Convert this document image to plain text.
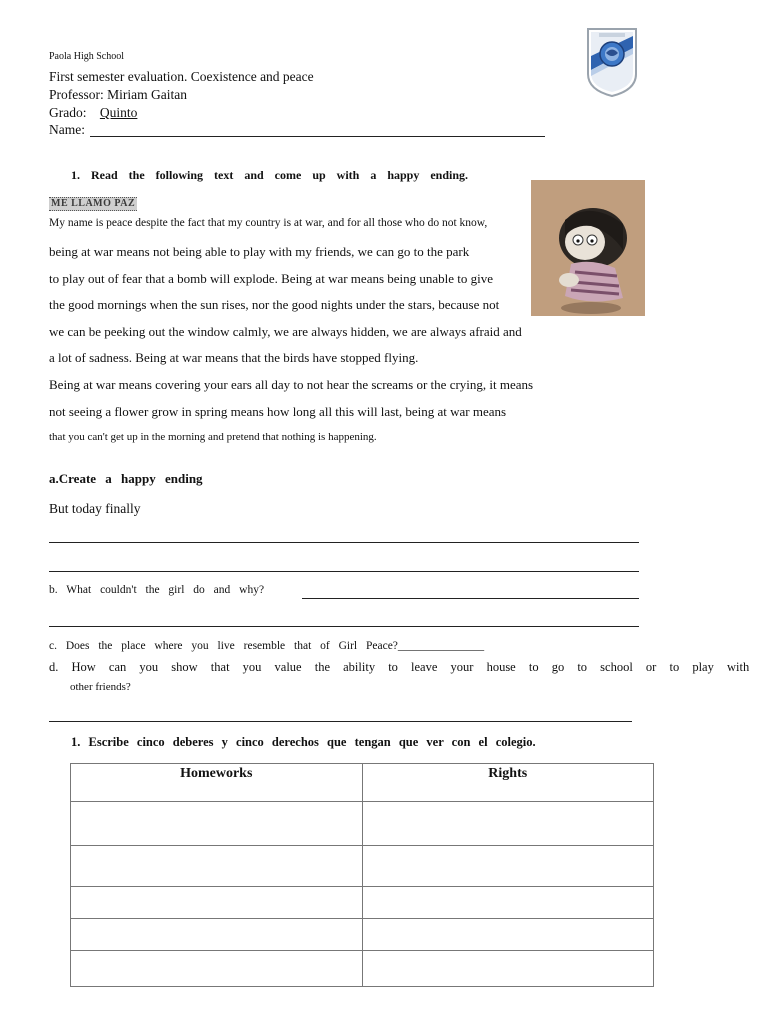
Paola High School
First semester evaluation. Coexistence and peace
Professor: Miriam Gaitan
Grado: Quinto
Name:
1. Read the following text and come up with a happy ending.
ME LLAMO PAZ
My name is peace despite the fact that my country is at war, and for all those who do not know,
being at war means not being able to play with my friends, we can go to the park
to play out of fear that a bomb will explode. Being at war means being unable to give
the good mornings when the sun rises, nor the good nights under the stars, because not
we can be peeking out the window calmly, we are always hidden, we are always afraid and
a lot of sadness. Being at war means that the birds have stopped flying.
Being at war means covering your ears all day to not hear the screams or the crying, it means
not seeing a flower grow in spring means how long all this will last, being at war means
that you can't get up in the morning and pretend that nothing is happening.
a.Create a happy ending
But today finally
b. What couldn't the girl do and why?
c. Does the place where you live resemble that of Girl Peace?_______________
d. How can you show that you value the ability to leave your house to go to school or to play with
other friends?
1. Escribe cinco deberes y cinco derechos que tengan que ver con el colegio.
Homeworks	Rights
